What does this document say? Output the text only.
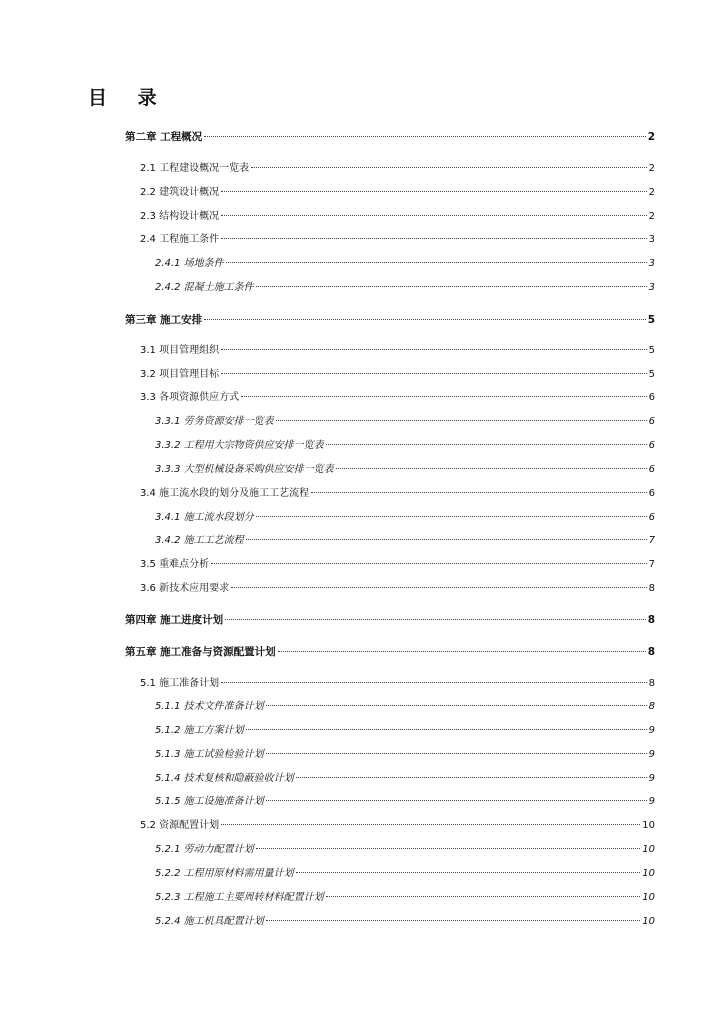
目 录
第二章 工程概况	2
2.1 工程建设概况一览表	2
2.2 建筑设计概况	2
2.3 结构设计概况	2
2.4 工程施工条件	3
2.4.1 场地条件	3
2.4.2 混凝土施工条件	3
第三章 施工安排	5
3.1 项目管理组织	5
3.2 项目管理目标	5
3.3 各项资源供应方式	6
3.3.1 劳务资源安排一览表	6
3.3.2 工程用大宗物资供应安排一览表	6
3.3.3 大型机械设备采购供应安排一览表	6
3.4 施工流水段的划分及施工工艺流程	6
3.4.1 施工流水段划分	6
3.4.2 施工工艺流程	7
3.5 重难点分析	7
3.6 新技术应用要求	8
第四章 施工进度计划	8
第五章 施工准备与资源配置计划	8
5.1 施工准备计划	8
5.1.1 技术文件准备计划	8
5.1.2 施工方案计划	9
5.1.3 施工试验检验计划	9
5.1.4 技术复核和隐蔽验收计划	9
5.1.5 施工设施准备计划	9
5.2 资源配置计划	10
5.2.1 劳动力配置计划	10
5.2.2 工程用原材料需用量计划	10
5.2.3 工程施工主要周转材料配置计划	10
5.2.4 施工机具配置计划	10
